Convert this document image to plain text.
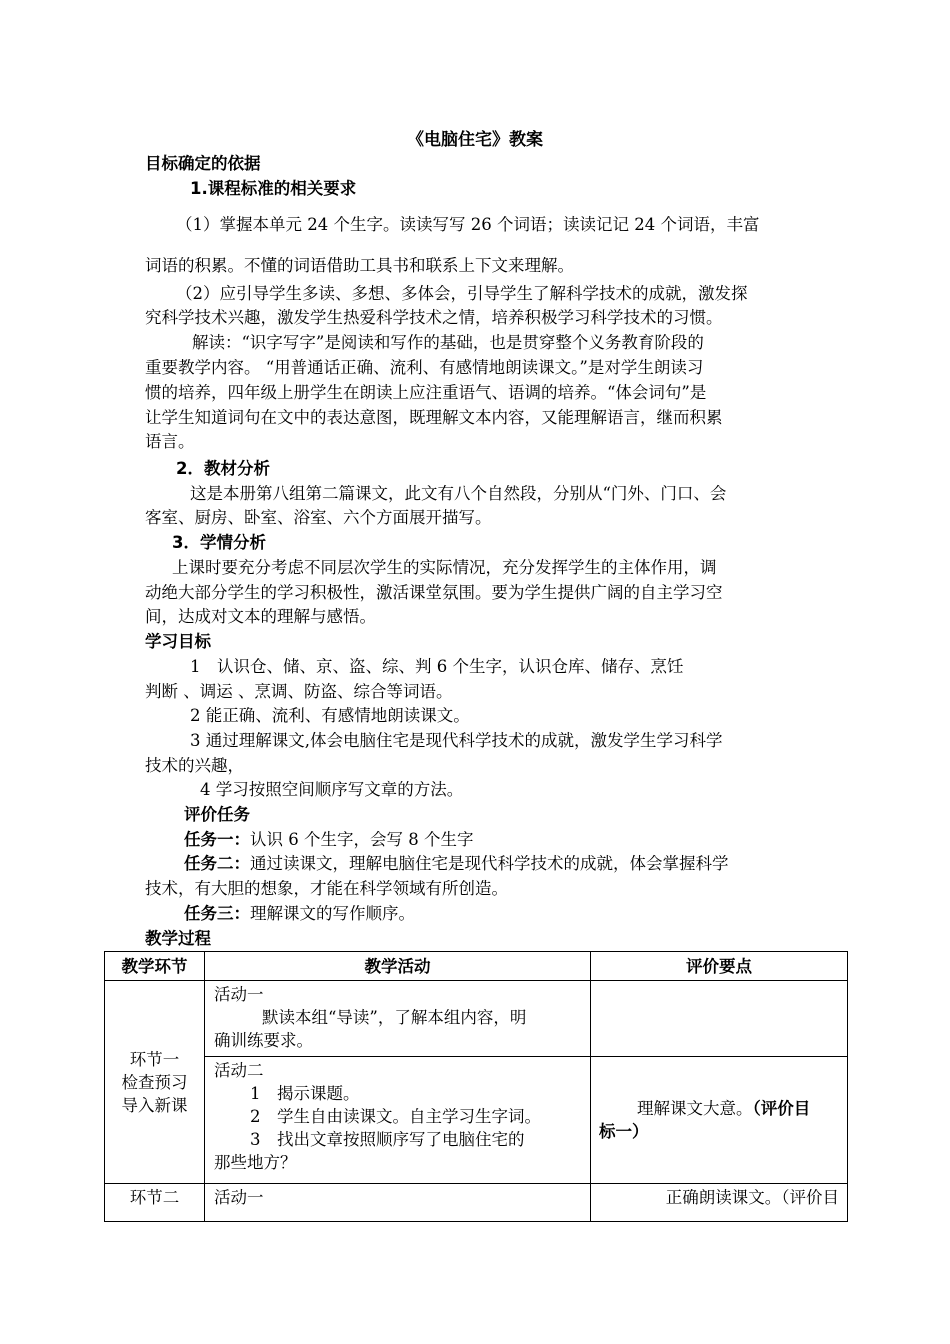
《电脑住宅》教案
目标确定的依据
1.课程标准的相关要求
（1）掌握本单元 24 个生字。读读写写 26 个词语；读读记记 24 个词语，丰富
词语的积累。不懂的词语借助工具书和联系上下文来理解。
（2）应引导学生多读、多想、多体会，引导学生了解科学技术的成就，激发探
究科学技术兴趣，激发学生热爱科学技术之情，培养积极学习科学技术的习惯。
解读：“识字写字”是阅读和写作的基础，也是贯穿整个义务教育阶段的
重要教学内容。 “用普通话正确、流利、有感情地朗读课文。”是对学生朗读习
惯的培养，四年级上册学生在朗读上应注重语气、语调的培养。“体会词句”是
让学生知道词句在文中的表达意图，既理解文本内容，又能理解语言，继而积累
语言。
2．教材分析
这是本册第八组第二篇课文，此文有八个自然段，分别从“门外、门口、会
客室、厨房、卧室、浴室、六个方面展开描写。
3．学情分析
上课时要充分考虑不同层次学生的实际情况，充分发挥学生的主体作用，调
动绝大部分学生的学习积极性，激活课堂氛围。要为学生提供广阔的自主学习空
间，达成对文本的理解与感悟。
学习目标
1　认识仓、储、京、盗、综、判 6 个生字，认识仓库、储存、烹饪
判断 、调运 、烹调、防盗、综合等词语。
2 能正确、流利、有感情地朗读课文。
3 通过理解课文,体会电脑住宅是现代科学技术的成就，激发学生学习科学
技术的兴趣，
4 学习按照空间顺序写文章的方法。
评价任务
任务一：认识 6 个生字，会写 8 个生字
任务二：通过读课文，理解电脑住宅是现代科学技术的成就，体会掌握科学
技术，有大胆的想象，才能在科学领域有所创造。
任务三：理解课文的写作顺序。
教学过程
教学环节	教学活动	评价要点

环节一
检查预习
导入新课	活动一
默读本组“导读”，了解本组内容，明
确训练要求。	

	活动二
1　揭示课题。
2　学生自由读课文。自主学习生字词。
3　找出文章按照顺序写了电脑住宅的
那些地方？	理解课文大意。（评价目
标一）

环节二	活动一	正确朗读课文。（评价目
